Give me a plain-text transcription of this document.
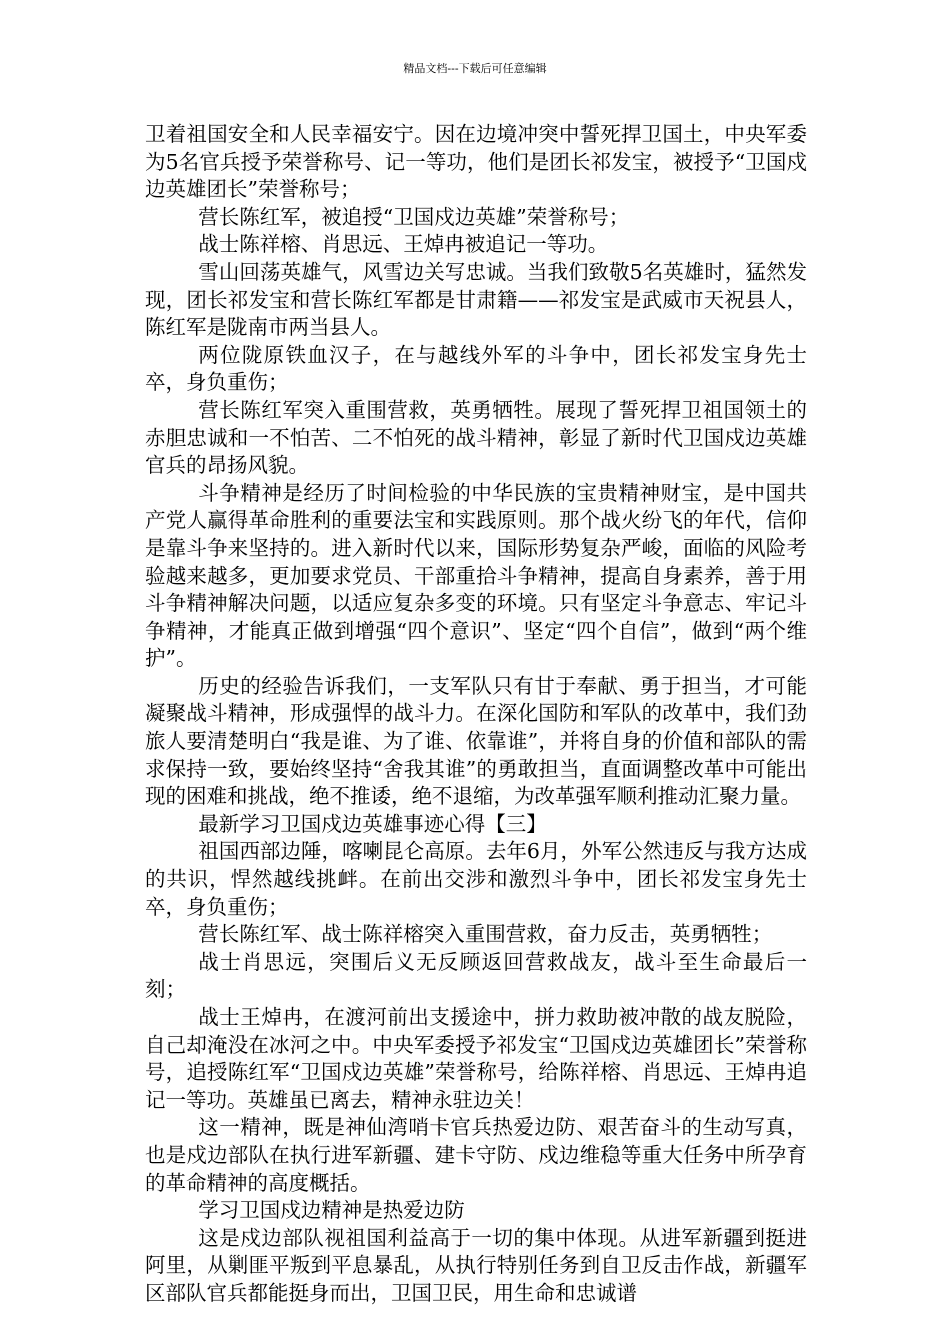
精品文档---下载后可任意编辑

卫着祖国安全和人民幸福安宁。因在边境冲突中誓死捍卫国土，中央军委为5名官兵授予荣誉称号、记一等功，他们是团长祁发宝，被授予“卫国戍边英雄团长”荣誉称号；

营长陈红军，被追授“卫国戍边英雄”荣誉称号；

战士陈祥榕、肖思远、王焯冉被追记一等功。

雪山回荡英雄气，风雪边关写忠诚。当我们致敬5名英雄时，猛然发现，团长祁发宝和营长陈红军都是甘肃籍——祁发宝是武威市天祝县人，陈红军是陇南市两当县人。

两位陇原铁血汉子，在与越线外军的斗争中，团长祁发宝身先士卒，身负重伤；

营长陈红军突入重围营救，英勇牺牲。展现了誓死捍卫祖国领土的赤胆忠诚和一不怕苦、二不怕死的战斗精神，彰显了新时代卫国戍边英雄官兵的昂扬风貌。

斗争精神是经历了时间检验的中华民族的宝贵精神财宝，是中国共产党人赢得革命胜利的重要法宝和实践原则。那个战火纷飞的年代，信仰是靠斗争来坚持的。进入新时代以来，国际形势复杂严峻，面临的风险考验越来越多，更加要求党员、干部重拾斗争精神，提高自身素养，善于用斗争精神解决问题，以适应复杂多变的环境。只有坚定斗争意志、牢记斗争精神，才能真正做到增强“四个意识”、坚定“四个自信”，做到“两个维护”。

历史的经验告诉我们，一支军队只有甘于奉献、勇于担当，才可能凝聚战斗精神，形成强悍的战斗力。在深化国防和军队的改革中，我们劲旅人要清楚明白“我是谁、为了谁、依靠谁”，并将自身的价值和部队的需求保持一致，要始终坚持“舍我其谁”的勇敢担当，直面调整改革中可能出现的困难和挑战，绝不推诿，绝不退缩，为改革强军顺利推动汇聚力量。

最新学习卫国戍边英雄事迹心得【三】

祖国西部边陲，喀喇昆仑高原。去年6月，外军公然违反与我方达成的共识，悍然越线挑衅。在前出交涉和激烈斗争中，团长祁发宝身先士卒，身负重伤；

营长陈红军、战士陈祥榕突入重围营救，奋力反击，英勇牺牲；

战士肖思远，突围后义无反顾返回营救战友，战斗至生命最后一刻；

战士王焯冉，在渡河前出支援途中，拼力救助被冲散的战友脱险，自己却淹没在冰河之中。中央军委授予祁发宝“卫国戍边英雄团长”荣誉称号，追授陈红军“卫国戍边英雄”荣誉称号，给陈祥榕、肖思远、王焯冉追记一等功。英雄虽已离去，精神永驻边关！

这一精神，既是神仙湾哨卡官兵热爱边防、艰苦奋斗的生动写真，也是戍边部队在执行进军新疆、建卡守防、戍边维稳等重大任务中所孕育的革命精神的高度概括。

学习卫国戍边精神是热爱边防

这是戍边部队视祖国利益高于一切的集中体现。从进军新疆到挺进阿里，从剿匪平叛到平息暴乱，从执行特别任务到自卫反击作战，新疆军区部队官兵都能挺身而出，卫国卫民，用生命和忠诚谱
